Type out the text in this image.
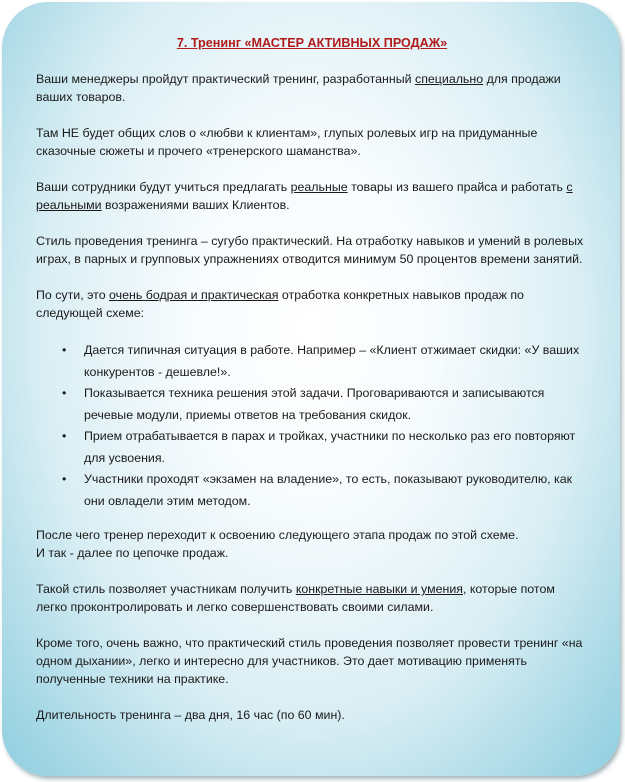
7. Тренинг «МАСТЕР АКТИВНЫХ ПРОДАЖ»

Ваши менеджеры пройдут практический тренинг, разработанный специально для продажи ваших товаров.

Там НЕ будет общих слов о «любви к клиентам», глупых ролевых игр на придуманные сказочные сюжеты и прочего «тренерского шаманства».

Ваши сотрудники будут учиться предлагать реальные товары из вашего прайса и работать с реальными возражениями ваших Клиентов.

Стиль проведения тренинга – сугубо практический. На отработку навыков и умений в ролевых играх, в парных и групповых упражнениях отводится минимум 50 процентов времени занятий.

По сути, это очень бодрая и практическая отработка конкретных навыков продаж по следующей схеме:

• Дается типичная ситуация в работе. Например – «Клиент отжимает скидки: «У ваших конкурентов - дешевле!».
• Показывается техника решения этой задачи. Проговариваются и записываются речевые модули, приемы ответов на требования скидок.
• Прием отрабатывается в парах и тройках, участники по несколько раз его повторяют для усвоения.
• Участники проходят «экзамен на владение», то есть, показывают руководителю, как они овладели этим методом.

После чего тренер переходит к освоению следующего этапа продаж по этой схеме.
И так - далее по цепочке продаж.

Такой стиль позволяет участникам получить конкретные навыки и умения, которые потом легко проконтролировать и легко совершенствовать своими силами.

Кроме того, очень важно, что практический стиль проведения позволяет провести тренинг «на одном дыхании», легко и интересно для участников. Это дает мотивацию применять полученные техники на практике.

Длительность тренинга – два дня, 16 час (по 60 мин).
